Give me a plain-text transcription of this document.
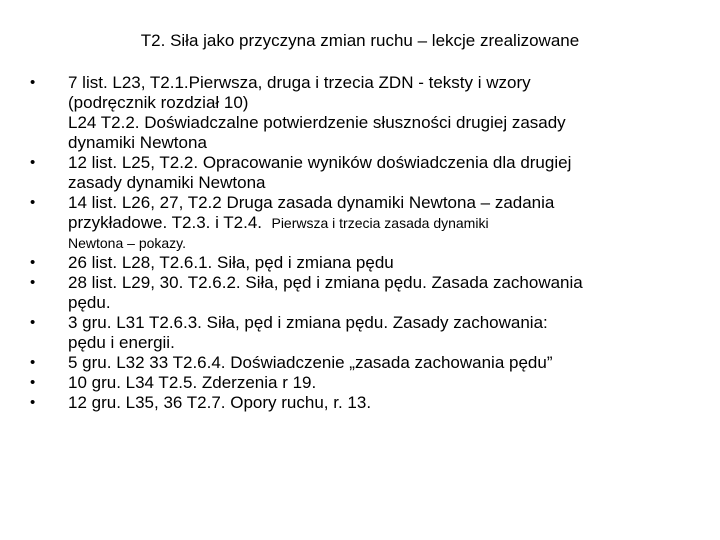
T2. Siła jako przyczyna zmian ruchu – lekcje zrealizowane
•	7 list. L23, T2.1.Pierwsza, druga i trzecia ZDN - teksty i wzory
(podręcznik rozdział 10)
L24 T2.2. Doświadczalne potwierdzenie słuszności drugiej zasady
dynamiki Newtona
•	12 list. L25, T2.2. Opracowanie wyników doświadczenia dla drugiej
zasady dynamiki Newtona
•	14 list. L26, 27, T2.2 Druga zasada dynamiki Newtona – zadania
przykładowe. T2.3. i T2.4. Pierwsza i trzecia zasada dynamiki
Newtona – pokazy.
•	26 list. L28, T2.6.1. Siła, pęd i zmiana pędu
•	28 list. L29, 30. T2.6.2. Siła, pęd i zmiana pędu. Zasada zachowania
pędu.
•	3 gru. L31 T2.6.3. Siła, pęd i zmiana pędu. Zasady zachowania:
pędu i energii.
•	5 gru. L32 33 T2.6.4. Doświadczenie „zasada zachowania pędu”
•	10 gru. L34 T2.5. Zderzenia r 19.
•	12 gru. L35, 36 T2.7. Opory ruchu, r. 13.
